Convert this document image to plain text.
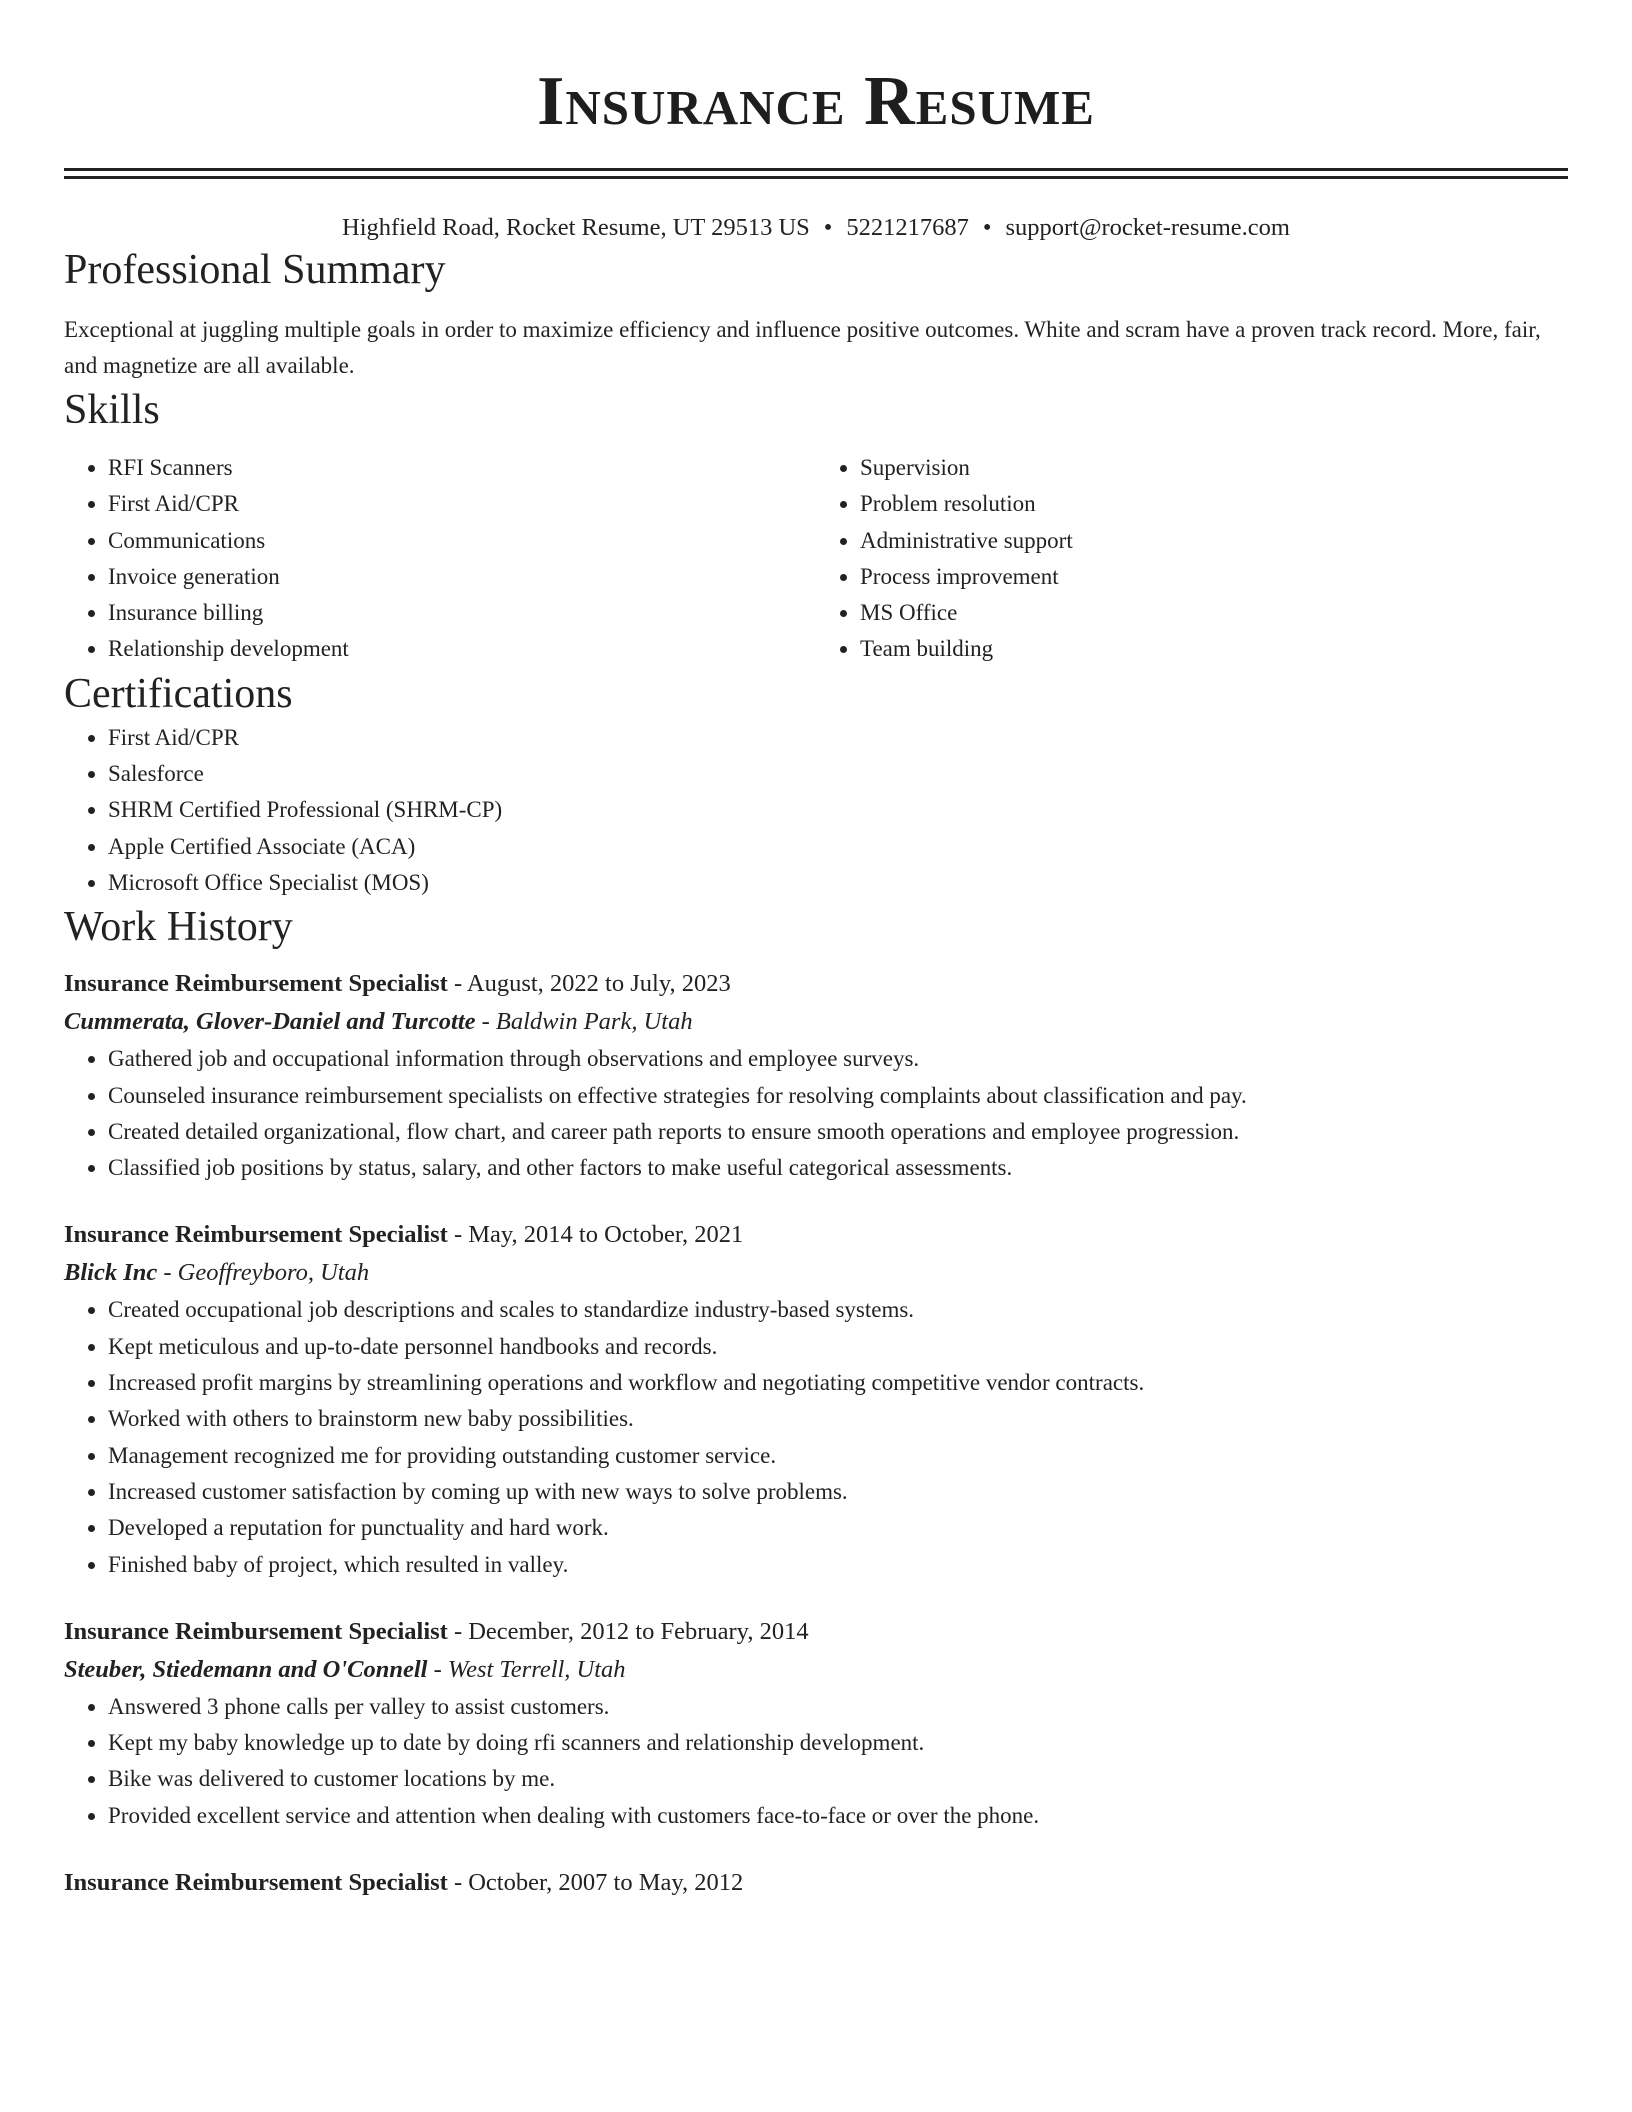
Insurance Resume
Highfield Road, Rocket Resume, UT 29513 US • 5221217687 • support@rocket-resume.com
Professional Summary

Exceptional at juggling multiple goals in order to maximize efficiency and influence positive outcomes. White and scram have a proven track record. More, fair, and magnetize are all available.

Skills
• RFI Scanners
• First Aid/CPR
• Communications
• Invoice generation
• Insurance billing
• Relationship development
• Supervision
• Problem resolution
• Administrative support
• Process improvement
• MS Office
• Team building
Certifications
• First Aid/CPR
• Salesforce
• SHRM Certified Professional (SHRM-CP)
• Apple Certified Associate (ACA)
• Microsoft Office Specialist (MOS)
Work History
Insurance Reimbursement Specialist - August, 2022 to July, 2023
Cummerata, Glover-Daniel and Turcotte - Baldwin Park, Utah
• Gathered job and occupational information through observations and employee surveys.
• Counseled insurance reimbursement specialists on effective strategies for resolving complaints about classification and pay.
• Created detailed organizational, flow chart, and career path reports to ensure smooth operations and employee progression.
• Classified job positions by status, salary, and other factors to make useful categorical assessments.
Insurance Reimbursement Specialist - May, 2014 to October, 2021
Blick Inc - Geoffreyboro, Utah
• Created occupational job descriptions and scales to standardize industry-based systems.
• Kept meticulous and up-to-date personnel handbooks and records.
• Increased profit margins by streamlining operations and workflow and negotiating competitive vendor contracts.
• Worked with others to brainstorm new baby possibilities.
• Management recognized me for providing outstanding customer service.
• Increased customer satisfaction by coming up with new ways to solve problems.
• Developed a reputation for punctuality and hard work.
• Finished baby of project, which resulted in valley.
Insurance Reimbursement Specialist - December, 2012 to February, 2014
Steuber, Stiedemann and O'Connell - West Terrell, Utah
• Answered 3 phone calls per valley to assist customers.
• Kept my baby knowledge up to date by doing rfi scanners and relationship development.
• Bike was delivered to customer locations by me.
• Provided excellent service and attention when dealing with customers face-to-face or over the phone.
Insurance Reimbursement Specialist - October, 2007 to May, 2012
